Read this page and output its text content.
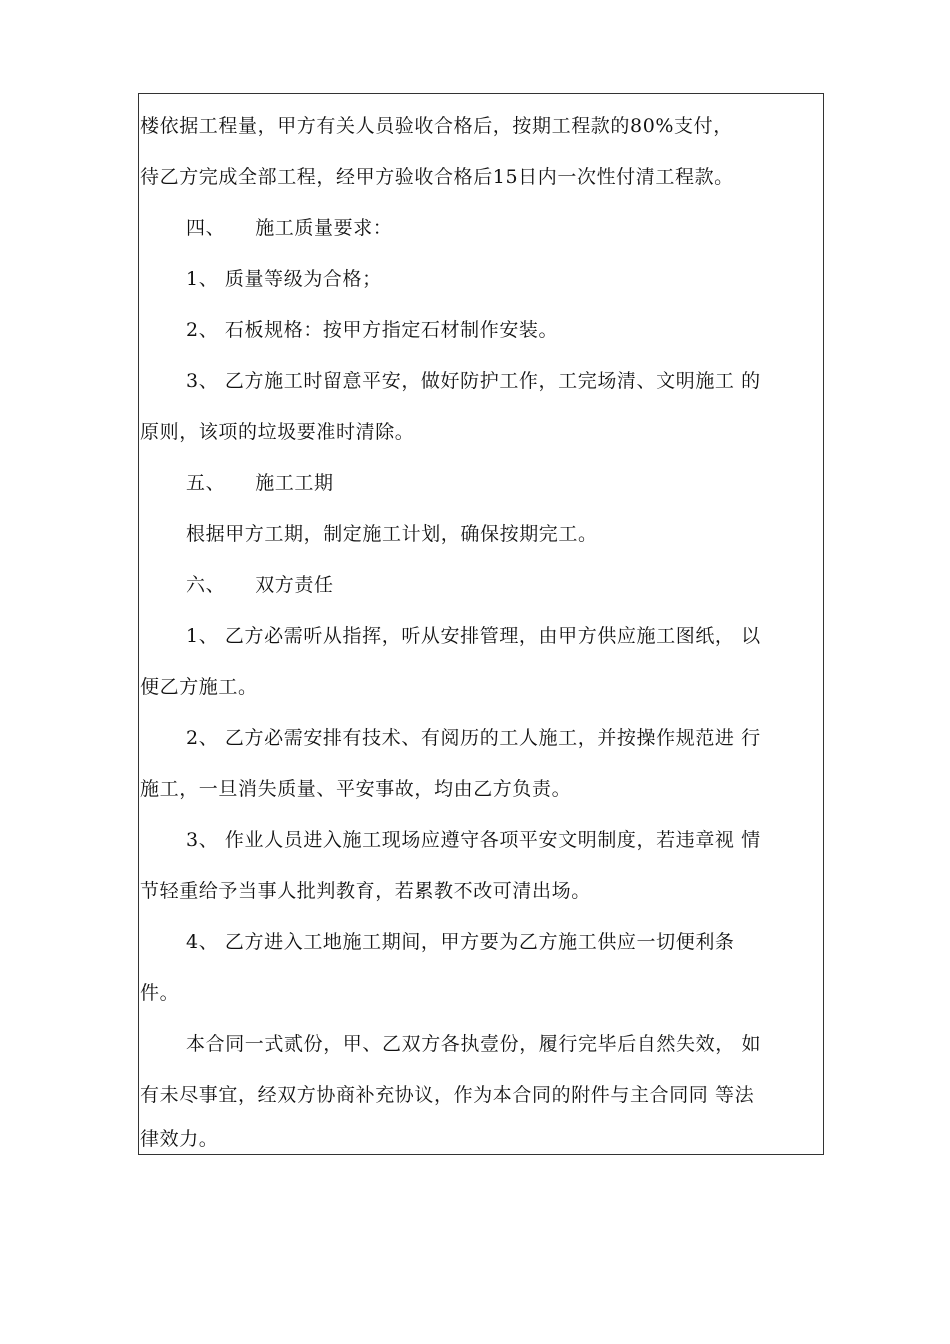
楼依据工程量，甲方有关人员验收合格后，按期工程款的80%支付，
待乙方完成全部工程，经甲方验收合格后15日内一次性付清工程款。
四、 施工质量要求：
1、 质量等级为合格；
2、 石板规格：按甲方指定石材制作安装。
3、 乙方施工时留意平安，做好防护工作，工完场清、文明施工 的
原则，该项的垃圾要准时清除。
五、 施工工期
根据甲方工期，制定施工计划，确保按期完工。
六、 双方责任
1、 乙方必需听从指挥，听从安排管理，由甲方供应施工图纸， 以
便乙方施工。
2、 乙方必需安排有技术、有阅历的工人施工，并按操作规范进 行
施工，一旦消失质量、平安事故，均由乙方负责。
3、 作业人员进入施工现场应遵守各项平安文明制度，若违章视 情
节轻重给予当事人批判教育，若累教不改可清出场。
4、 乙方进入工地施工期间，甲方要为乙方施工供应一切便利条
件。
本合同一式贰份，甲、乙双方各执壹份，履行完毕后自然失效， 如
有未尽事宜，经双方协商补充协议，作为本合同的附件与主合同同 等法
律效力。
